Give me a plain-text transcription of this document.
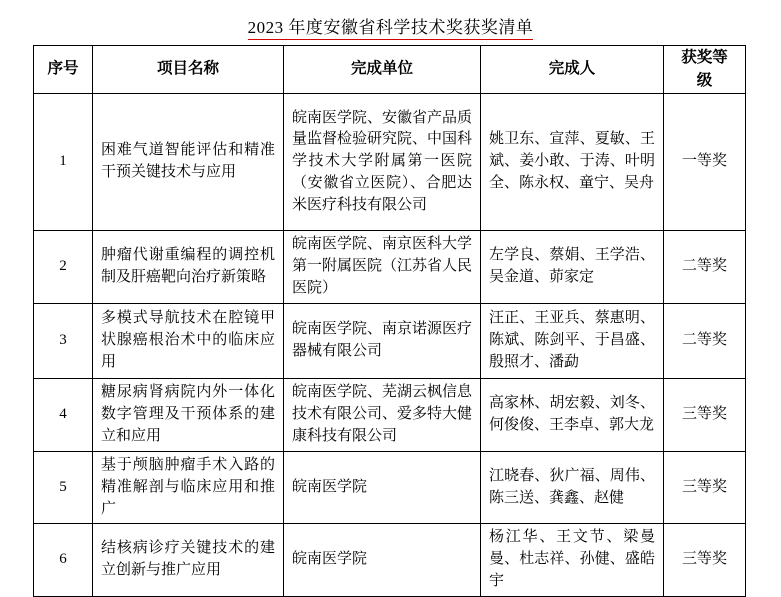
2023 年度安徽省科学技术奖获奖清单
序号	项目名称	完成单位	完成人	获奖等级
1	困难气道智能评估和精准干预关键技术与应用	皖南医学院、安徽省产品质量监督检验研究院、中国科学技术大学附属第一医院（安徽省立医院）、合肥达米医疗科技有限公司	姚卫东、宣萍、夏敏、王斌、姜小敢、于涛、叶明全、陈永权、童宁、吴舟	一等奖
2	肿瘤代谢重编程的调控机制及肝癌靶向治疗新策略	皖南医学院、南京医科大学第一附属医院（江苏省人民医院）	左学良、蔡娟、王学浩、吴金道、茆家定	二等奖
3	多模式导航技术在腔镜甲状腺癌根治术中的临床应用	皖南医学院、南京诺源医疗器械有限公司	汪正、王亚兵、蔡惠明、陈斌、陈剑平、于昌盛、殷照才、潘勐	二等奖
4	糖尿病肾病院内外一体化数字管理及干预体系的建立和应用	皖南医学院、芜湖云枫信息技术有限公司、爱多特大健康科技有限公司	高家林、胡宏毅、刘冬、何俊俊、王李卓、郭大龙	三等奖
5	基于颅脑肿瘤手术入路的精准解剖与临床应用和推广	皖南医学院	江晓春、狄广福、周伟、陈三送、龚鑫、赵健	三等奖
6	结核病诊疗关键技术的建立创新与推广应用	皖南医学院	杨江华、王文节、梁曼曼、杜志祥、孙健、盛皓宇	三等奖
